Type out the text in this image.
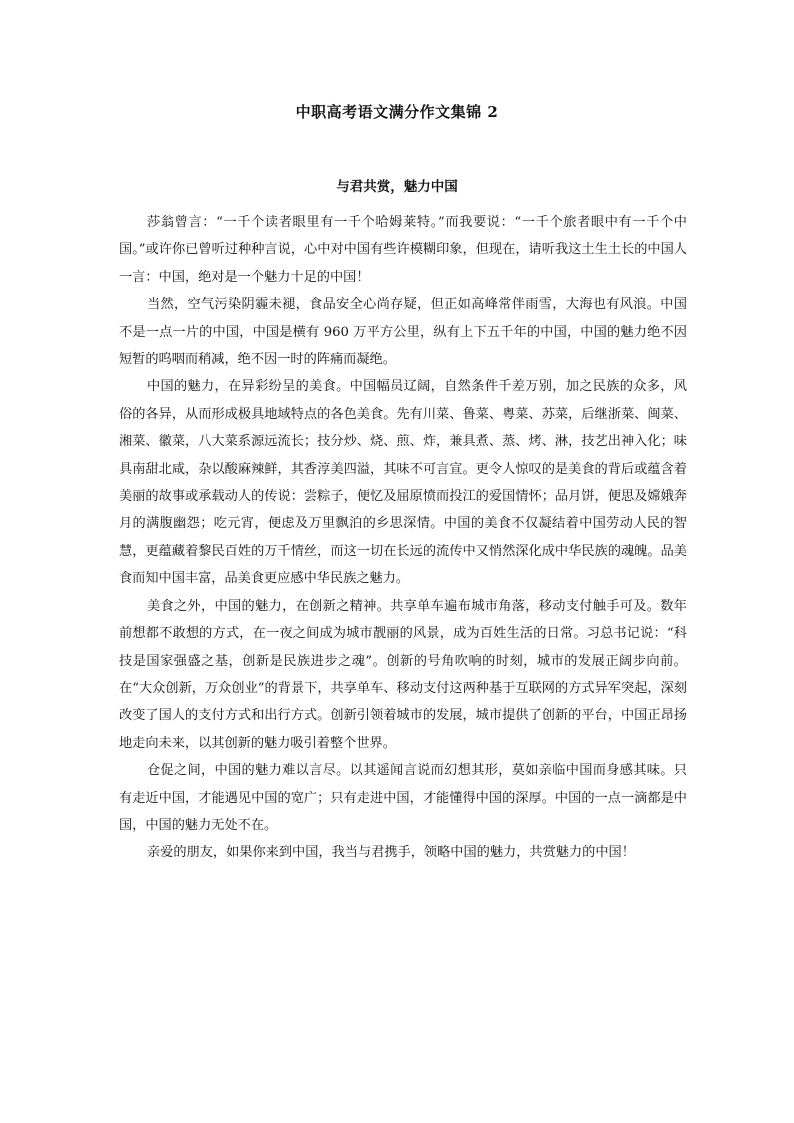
中职高考语文满分作文集锦 2
与君共赏，魅力中国

莎翁曾言：“一千个读者眼里有一千个哈姆莱特。”而我要说：“一千个旅者眼中有一千个中国。”或许你已曾听过种种言说，心中对中国有些许模糊印象，但现在，请听我这土生土长的中国人一言：中国，绝对是一个魅力十足的中国！

当然，空气污染阴霾未褪，食品安全心尚存疑，但正如高峰常伴雨雪，大海也有风浪。中国不是一点一片的中国，中国是横有 960 万平方公里，纵有上下五千年的中国，中国的魅力绝不因短暂的呜咽而稍减，绝不因一时的阵痛而凝绝。

中国的魅力，在异彩纷呈的美食。中国幅员辽阔，自然条件千差万别，加之民族的众多，风俗的各异，从而形成极具地域特点的各色美食。先有川菜、鲁菜、粤菜、苏菜，后继浙菜、闽菜、湘菜、徽菜，八大菜系源远流长；技分炒、烧、煎、炸，兼具煮、蒸、烤、淋，技艺出神入化；味具南甜北咸，杂以酸麻辣鲜，其香淳美四溢，其味不可言宣。更令人惊叹的是美食的背后或蕴含着美丽的故事或承载动人的传说：尝粽子，便忆及屈原愤而投江的爱国情怀；品月饼，便思及嫦娥奔月的满腹幽怨；吃元宵，便虑及万里飘泊的乡思深情。中国的美食不仅凝结着中国劳动人民的智慧，更蕴藏着黎民百姓的万千情丝，而这一切在长远的流传中又悄然深化成中华民族的魂魄。品美食而知中国丰富，品美食更应感中华民族之魅力。

美食之外，中国的魅力，在创新之精神。共享单车遍布城市角落，移动支付触手可及。数年前想都不敢想的方式，在一夜之间成为城市靓丽的风景，成为百姓生活的日常。习总书记说：“科技是国家强盛之基，创新是民族进步之魂”。创新的号角吹响的时刻，城市的发展正阔步向前。在“大众创新，万众创业”的背景下，共享单车、移动支付这两种基于互联网的方式异军突起，深刻改变了国人的支付方式和出行方式。创新引领着城市的发展，城市提供了创新的平台，中国正昂扬地走向未来，以其创新的魅力吸引着整个世界。

仓促之间，中国的魅力难以言尽。以其遥闻言说而幻想其形，莫如亲临中国而身感其味。只有走近中国，才能遇见中国的宽广；只有走进中国，才能懂得中国的深厚。中国的一点一滴都是中国，中国的魅力无处不在。

亲爱的朋友，如果你来到中国，我当与君携手，领略中国的魅力，共赏魅力的中国！
